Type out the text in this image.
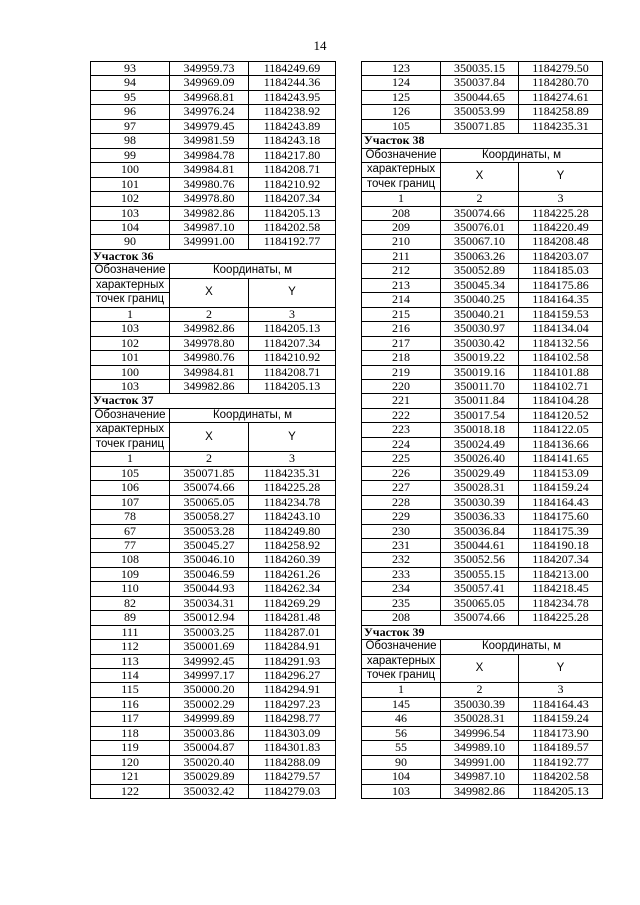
14
93	349959.73	1184249.69
94	349969.09	1184244.36
95	349968.81	1184243.95
96	349976.24	1184238.92
97	349979.45	1184243.89
98	349981.59	1184243.18
99	349984.78	1184217.80
100	349984.81	1184208.71
101	349980.76	1184210.92
102	349978.80	1184207.34
103	349982.86	1184205.13
104	349987.10	1184202.58
90	349991.00	1184192.77
Участок 36		
Обозначение	Координаты, м	
характерных	X	Y
точек границ		
1	2	3
103	349982.86	1184205.13
102	349978.80	1184207.34
101	349980.76	1184210.92
100	349984.81	1184208.71
103	349982.86	1184205.13
Участок 37		
Обозначение	Координаты, м	
характерных	X	Y
точек границ		
1	2	3
105	350071.85	1184235.31
106	350074.66	1184225.28
107	350065.05	1184234.78
78	350058.27	1184243.10
67	350053.28	1184249.80
77	350045.27	1184258.92
108	350046.10	1184260.39
109	350046.59	1184261.26
110	350044.93	1184262.34
82	350034.31	1184269.29
89	350012.94	1184281.48
111	350003.25	1184287.01
112	350001.69	1184284.91
113	349992.45	1184291.93
114	349997.17	1184296.27
115	350000.20	1184294.91
116	350002.29	1184297.23
117	349999.89	1184298.77
118	350003.86	1184303.09
119	350004.87	1184301.83
120	350020.40	1184288.09
121	350029.89	1184279.57
122	350032.42	1184279.03
123	350035.15	1184279.50
124	350037.84	1184280.70
125	350044.65	1184274.61
126	350053.99	1184258.89
105	350071.85	1184235.31
Участок 38		
Обозначение	Координаты, м	
характерных	X	Y
точек границ		
1	2	3
208	350074.66	1184225.28
209	350076.01	1184220.49
210	350067.10	1184208.48
211	350063.26	1184203.07
212	350052.89	1184185.03
213	350045.34	1184175.86
214	350040.25	1184164.35
215	350040.21	1184159.53
216	350030.97	1184134.04
217	350030.42	1184132.56
218	350019.22	1184102.58
219	350019.16	1184101.88
220	350011.70	1184102.71
221	350011.84	1184104.28
222	350017.54	1184120.52
223	350018.18	1184122.05
224	350024.49	1184136.66
225	350026.40	1184141.65
226	350029.49	1184153.09
227	350028.31	1184159.24
228	350030.39	1184164.43
229	350036.33	1184175.60
230	350036.84	1184175.39
231	350044.61	1184190.18
232	350052.56	1184207.34
233	350055.15	1184213.00
234	350057.41	1184218.45
235	350065.05	1184234.78
208	350074.66	1184225.28
Участок 39		
Обозначение	Координаты, м	
характерных	X	Y
точек границ		
1	2	3
145	350030.39	1184164.43
46	350028.31	1184159.24
56	349996.54	1184173.90
55	349989.10	1184189.57
90	349991.00	1184192.77
104	349987.10	1184202.58
103	349982.86	1184205.13
